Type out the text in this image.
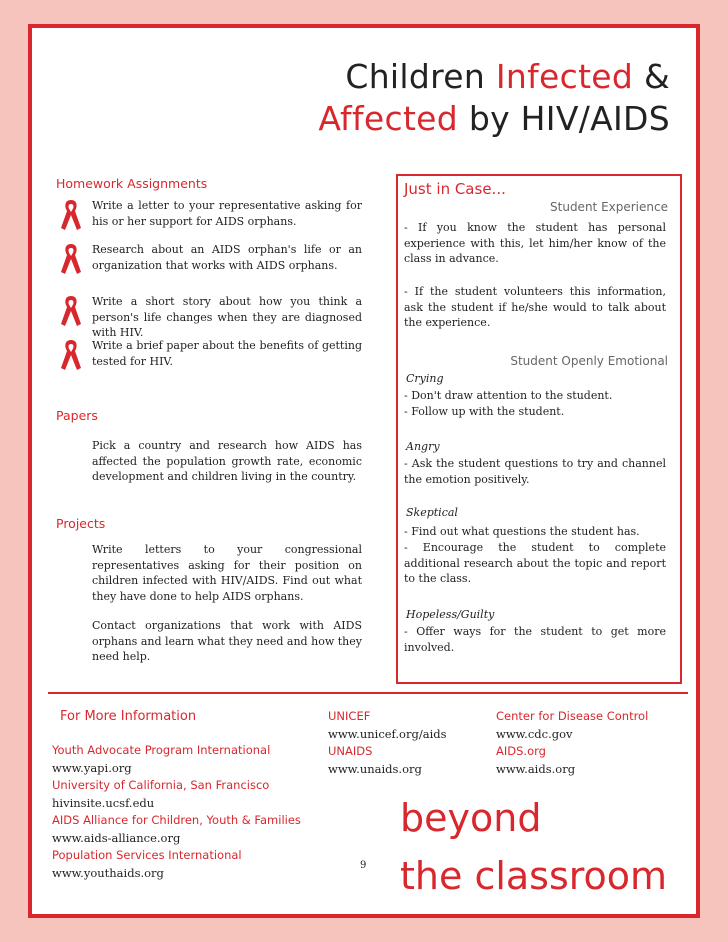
Children Infected &
Affected by HIV/AIDS
Homework Assignments

Write a letter to your representative asking for his or her support for AIDS orphans.

Research about an AIDS orphan's life or an organization that works with AIDS orphans.

Write a short story about how you think a person's life changes when they are diagnosed with HIV.

Write a brief paper about the benefits of getting tested for HIV.

Papers

Pick a country and research how AIDS has affected the population growth rate, economic development and children living in the country.

Projects

Write letters to your congressional representatives asking for their position on children infected with HIV/AIDS. Find out what they have done to help AIDS orphans.

Contact organizations that work with AIDS orphans and learn what they need and how they need help.

Just in Case...
Student Experience

- If you know the student has personal experience with this, let him/her know of the class in advance.

- If the student volunteers this information, ask the student if he/she would to talk about the experience.

Student Openly Emotional
Crying

- Don't draw attention to the student.

- Follow up with the student.

Angry

- Ask the student questions to try and channel the emotion positively.

Skeptical

- Find out what questions the student has.

- Encourage the student to complete additional research about the topic and report to the class.

Hopeless/Guilty

- Offer ways for the student to get more involved.

For More Information
Youth Advocate Program International
www.yapi.org
University of California, San Francisco
hivinsite.ucsf.edu
AIDS Alliance for Children, Youth & Families
www.aids-alliance.org
Population Services International
www.youthaids.org
UNICEF
www.unicef.org/aids
UNAIDS
www.unaids.org
Center for Disease Control
www.cdc.gov
AIDS.org
www.aids.org
beyond
the classroom
9
